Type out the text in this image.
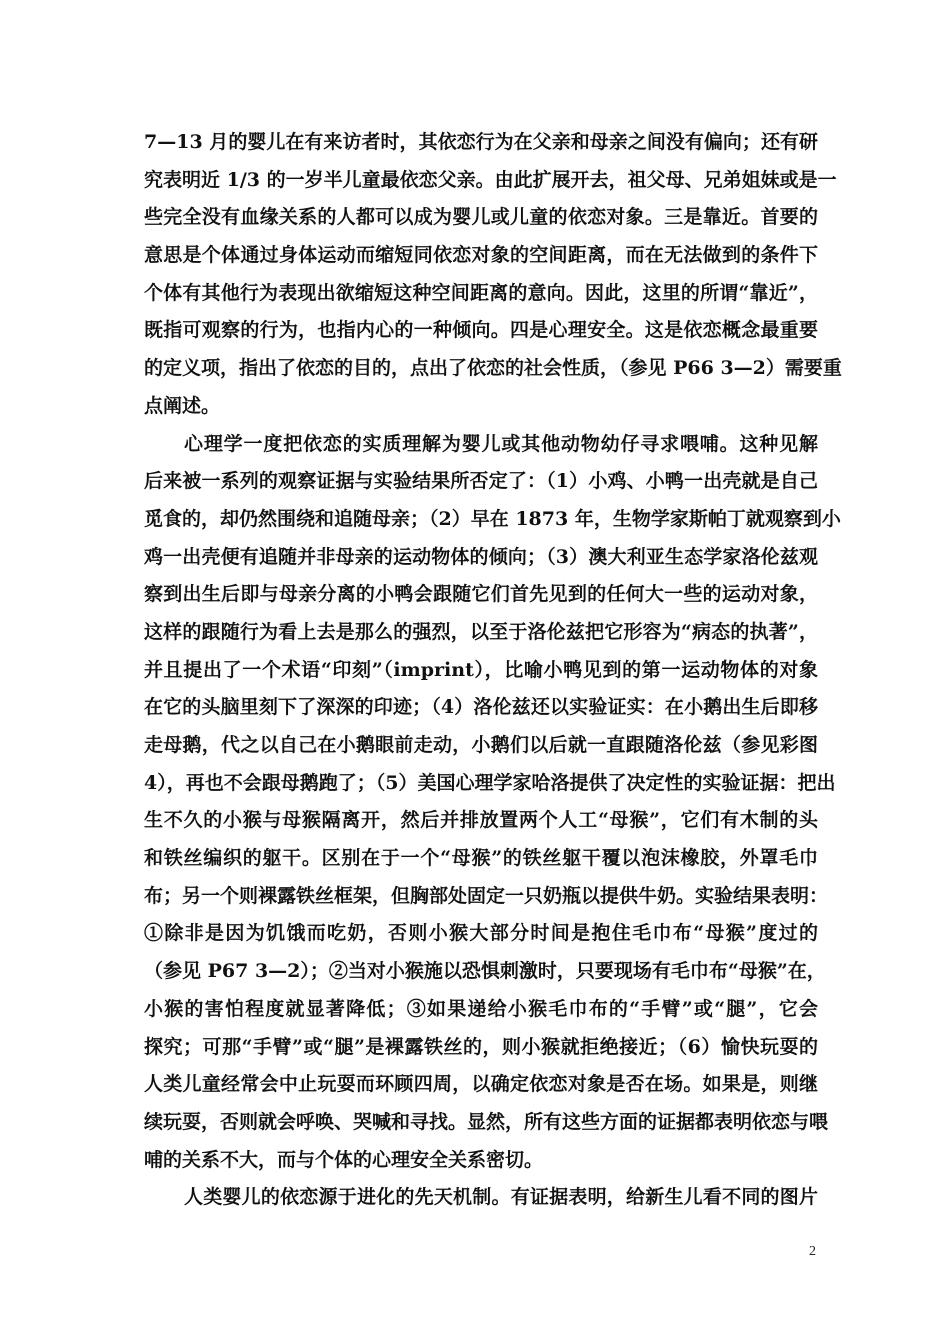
7—13 月的婴儿在有来访者时，其依恋行为在父亲和母亲之间没有偏向；还有研
究表明近 1/3 的一岁半儿童最依恋父亲。由此扩展开去，祖父母、兄弟姐妹或是一
些完全没有血缘关系的人都可以成为婴儿或儿童的依恋对象。三是靠近。首要的
意思是个体通过身体运动而缩短同依恋对象的空间距离，而在无法做到的条件下
个体有其他行为表现出欲缩短这种空间距离的意向。因此，这里的所谓“靠近”，
既指可观察的行为，也指内心的一种倾向。四是心理安全。这是依恋概念最重要
的定义项，指出了依恋的目的，点出了依恋的社会性质，（参见 P66 3—2）需要重
点阐述。
心理学一度把依恋的实质理解为婴儿或其他动物幼仔寻求喂哺。这种见解
后来被一系列的观察证据与实验结果所否定了：（1）小鸡、小鸭一出壳就是自己
觅食的，却仍然围绕和追随母亲；（2）早在 1873 年，生物学家斯帕丁就观察到小
鸡一出壳便有追随并非母亲的运动物体的倾向；（3）澳大利亚生态学家洛伦兹观
察到出生后即与母亲分离的小鸭会跟随它们首先见到的任何大一些的运动对象，
这样的跟随行为看上去是那么的强烈，以至于洛伦兹把它形容为“病态的执著”，
并且提出了一个术语“印刻”（imprint），比喻小鸭见到的第一运动物体的对象
在它的头脑里刻下了深深的印迹；（4）洛伦兹还以实验证实：在小鹅出生后即移
走母鹅，代之以自己在小鹅眼前走动，小鹅们以后就一直跟随洛伦兹（参见彩图
4），再也不会跟母鹅跑了；（5）美国心理学家哈洛提供了决定性的实验证据：把出
生不久的小猴与母猴隔离开，然后并排放置两个人工“母猴”，它们有木制的头
和铁丝编织的躯干。区别在于一个“母猴”的铁丝躯干覆以泡沫橡胶，外罩毛巾
布；另一个则裸露铁丝框架，但胸部处固定一只奶瓶以提供牛奶。实验结果表明：
①除非是因为饥饿而吃奶，否则小猴大部分时间是抱住毛巾布“母猴”度过的
（参见 P67 3—2）；②当对小猴施以恐惧刺激时，只要现场有毛巾布“母猴”在，
小猴的害怕程度就显著降低；③如果递给小猴毛巾布的“手臂”或“腿”，它会
探究；可那“手臂”或“腿”是裸露铁丝的，则小猴就拒绝接近；（6）愉快玩耍的
人类儿童经常会中止玩耍而环顾四周，以确定依恋对象是否在场。如果是，则继
续玩耍，否则就会呼唤、哭喊和寻找。显然，所有这些方面的证据都表明依恋与喂
哺的关系不大，而与个体的心理安全关系密切。
人类婴儿的依恋源于进化的先天机制。有证据表明，给新生儿看不同的图片
2
